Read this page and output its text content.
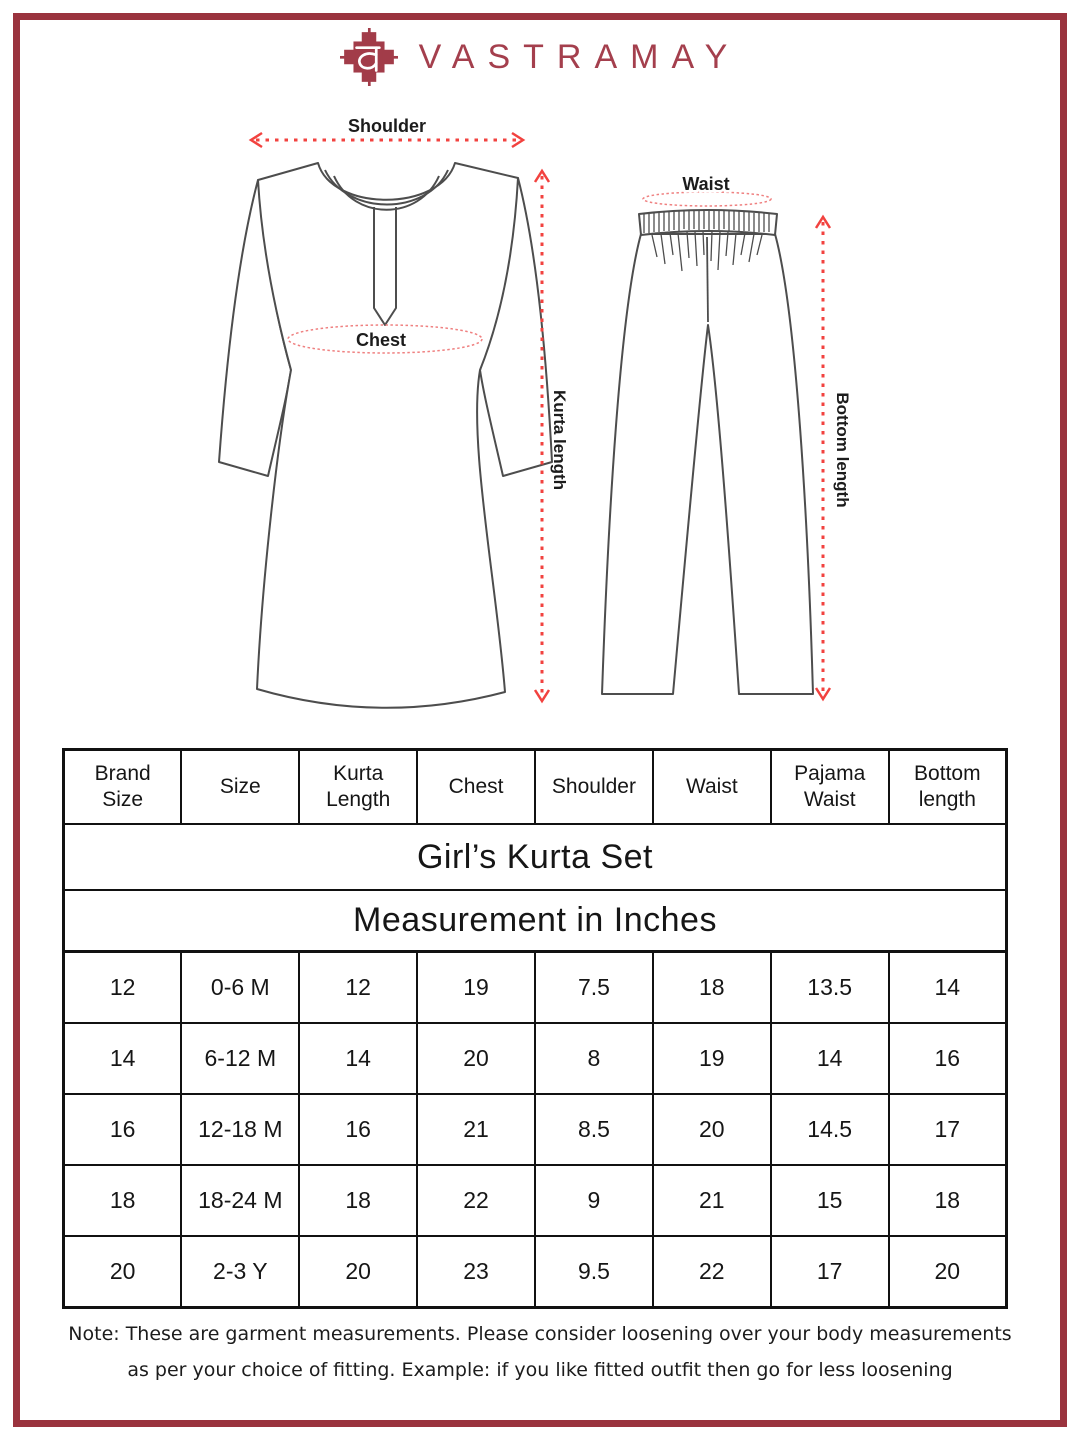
VASTRAMAY
Chest
Shoulder
Kurta length
Waist
Bottom length
Girl’s Kurta Set							
Measurement in Inches							
Brand Size	Size	Kurta Length	Chest	Shoulder	Waist	Pajama Waist	Bottom length
12	0-6 M	12	19	7.5	18	13.5	14
14	6-12 M	14	20	8	19	14	16
16	12-18 M	16	21	8.5	20	14.5	17
18	18-24 M	18	22	9	21	15	18
20	2-3 Y	20	23	9.5	22	17	20
Note: These are garment measurements. Please consider loosening over your body measurements
as per your choice of fitting. Example: if you like fitted outfit then go for less loosening
